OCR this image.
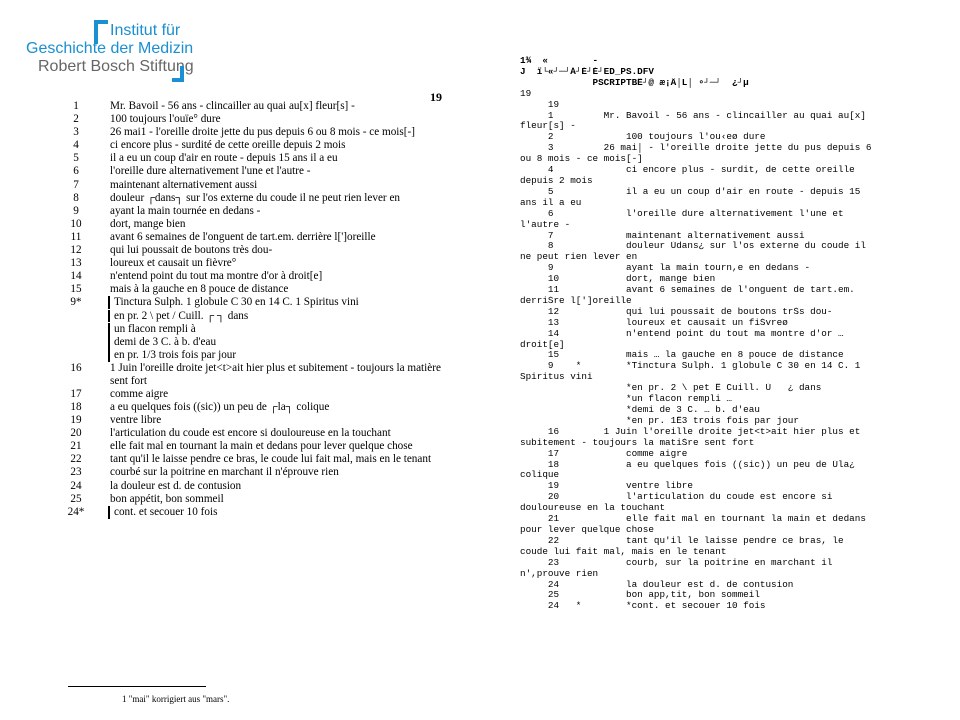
Institut für
Geschichte der Medizin
Robert Bosch Stiftung
19
1	Mr. Bavoil - 56 ans - clincailler au quai au[x] fleur[s] -
2	100 toujours l'ouïe° dure
3	26 mai1 - l'oreille droite jette du pus depuis 6 ou 8 mois - ce mois[-]
4	ci encore plus - surdité de cette oreille depuis 2 mois
5	il a eu un coup d'air en route - depuis 15 ans il a eu
6	l'oreille dure alternativement l'une et l'autre -
7	maintenant alternativement aussi
8	douleur ┌dans┐ sur l'os externe du coude il ne peut rien lever en
9	ayant la main tournée en dedans -
10	dort, mange bien
11	avant 6 semaines de l'onguent de tart.em. derrière l[']oreille
12	qui lui poussait de boutons très dou-
13	loureux et causait un fièvre°
14	n'entend point du tout ma montre d'or à droit[e]
15	mais à la gauche en 8 pouce de distance
9*	Tinctura Sulph. 1 globule C 30 en 14 C. 1 Spiritus vini
en pr. 2 \ pet / Cuill. ┌ ┐ dans
un flacon rempli à
demi de 3 C. à b. d'eau
en pr. 1/3 trois fois par jour
16	1 Juin l'oreille droite jet<t>ait hier plus et subitement - toujours la matière sent fort
17	comme aigre
18	a eu quelques fois ((sic)) un peu de ┌la┐ colique
19	ventre libre
20	l'articulation du coude est encore si douloureuse en la touchant
21	elle fait mal en tournant la main et dedans pour lever quelque chose
22	tant qu'il le laisse pendre ce bras, le coude lui fait mal, mais en le tenant
23	courbé sur la poitrine en marchant il n'éprouve rien
24	la douleur est d. de contusion
25	bon appétit, bon sommeil
24*	cont. et secouer 10 fois
1 "mai" korrigiert aus "mars".
1¾  «        -
J  ï└«┘─┘Á┘É┘É┘ED_PS.DFV
PSCRIPTBÊ┘@ æ¡Â│L│ ∘┘─┘  ¿┘µ
19
19
1         Mr. Bavoil - 56 ans - clincailler au quai au[x]
fleur[s] -
2             100 toujours l'ou‹eø dure
3         26 mai│ - l'oreille droite jette du pus depuis 6
ou 8 mois - ce mois[-]
4             ci encore plus - surdit, de cette oreille
depuis 2 mois
5             il a eu un coup d'air en route - depuis 15
ans il a eu
6             l'oreille dure alternativement l'une et
l'autre -
7             maintenant alternativement aussi
8             douleur Údans¿ sur l'os externe du coude il
ne peut rien lever en
9             ayant la main tourn,e en dedans -
10            dort, mange bien
11            avant 6 semaines de l'onguent de tart.em.
derriŠre l[']oreille
12            qui lui poussait de boutons trŠs dou-
13            loureux et causait un fiŠvreø
14            n'entend point du tout ma montre d'or …
droit[e]
15            mais … la gauche en 8 pouce de distance
9    *        *Tinctura Sulph. 1 globule C 30 en 14 C. 1
Spiritus vini
*en pr. 2 \ pet Ê Cuill. Ú   ¿ dans
*un flacon rempli …
*demi de 3 C. … b. d'eau
*en pr. 1Ë3 trois fois par jour
16        1 Juin l'oreille droite jet<t>ait hier plus et
subitement - toujours la matiŠre sent fort
17            comme aigre
18            a eu quelques fois ((sic)) un peu de Úla¿
colique
19            ventre libre
20            l'articulation du coude est encore si
douloureuse en la touchant
21            elle fait mal en tournant la main et dedans
pour lever quelque chose
22            tant qu'il le laisse pendre ce bras, le
coude lui fait mal, mais en le tenant
23            courb, sur la poitrine en marchant il
n',prouve rien
24            la douleur est d. de contusion
25            bon app,tit, bon sommeil
24   *        *cont. et secouer 10 fois
